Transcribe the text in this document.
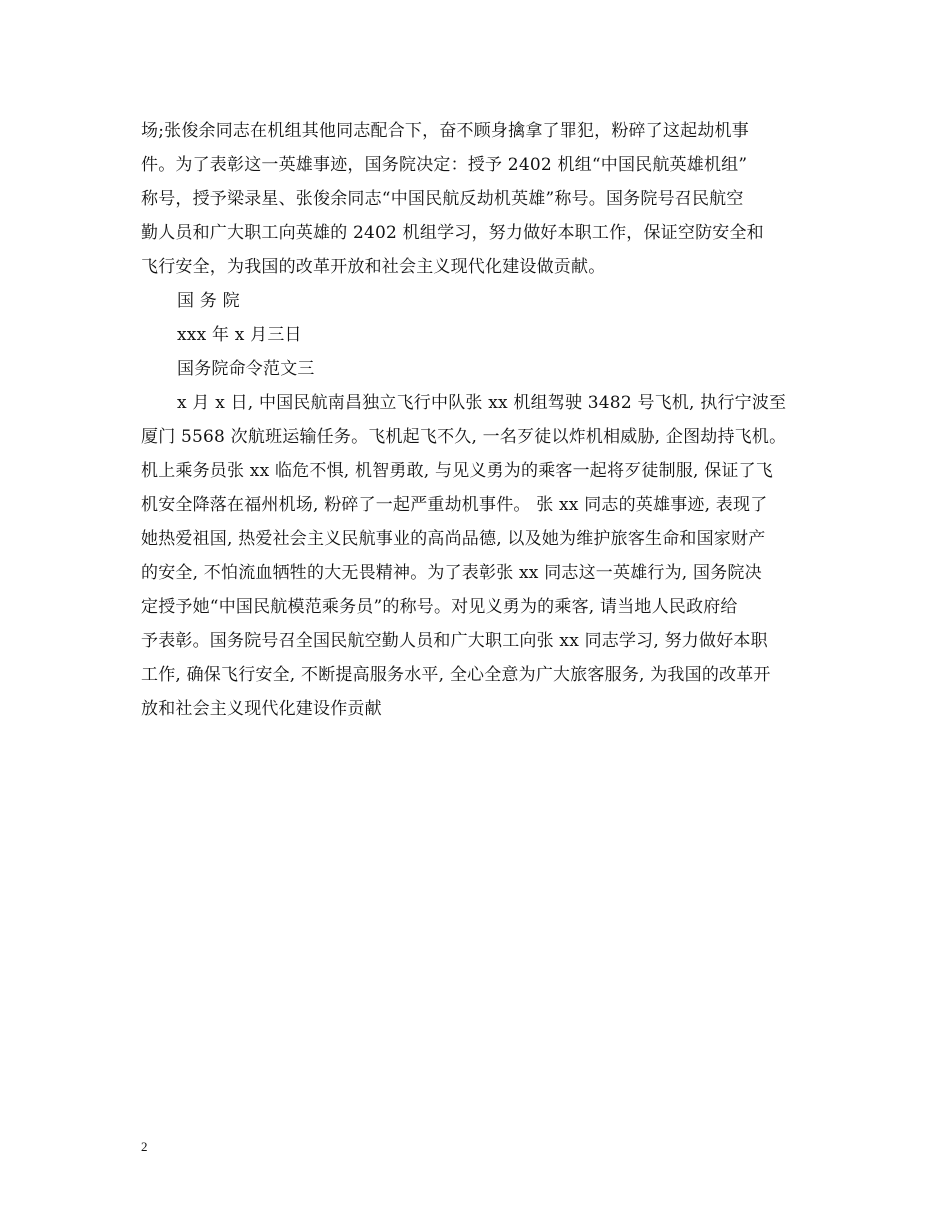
场;张俊余同志在机组其他同志配合下，奋不顾身擒拿了罪犯，粉碎了这起劫机事
件。为了表彰这一英雄事迹，国务院决定：授予 2402 机组“中国民航英雄机组”
称号，授予梁录星、张俊余同志“中国民航反劫机英雄”称号。国务院号召民航空
勤人员和广大职工向英雄的 2402 机组学习，努力做好本职工作，保证空防安全和
飞行安全，为我国的改革开放和社会主义现代化建设做贡献。
国 务 院
xxx 年 x 月三日
国务院命令范文三
x 月 x 日, 中国民航南昌独立飞行中队张 xx 机组驾驶 3482 号飞机, 执行宁波至
厦门 5568 次航班运输任务。飞机起飞不久, 一名歹徒以炸机相威胁, 企图劫持飞机。
机上乘务员张 xx 临危不惧, 机智勇敢, 与见义勇为的乘客一起将歹徒制服, 保证了飞
机安全降落在福州机场, 粉碎了一起严重劫机事件。 张 xx 同志的英雄事迹, 表现了
她热爱祖国, 热爱社会主义民航事业的高尚品德, 以及她为维护旅客生命和国家财产
的安全, 不怕流血牺牲的大无畏精神。为了表彰张 xx 同志这一英雄行为, 国务院决
定授予她“中国民航模范乘务员”的称号。对见义勇为的乘客, 请当地人民政府给
予表彰。国务院号召全国民航空勤人员和广大职工向张 xx 同志学习, 努力做好本职
工作, 确保飞行安全, 不断提高服务水平, 全心全意为广大旅客服务, 为我国的改革开
放和社会主义现代化建设作贡献
2
